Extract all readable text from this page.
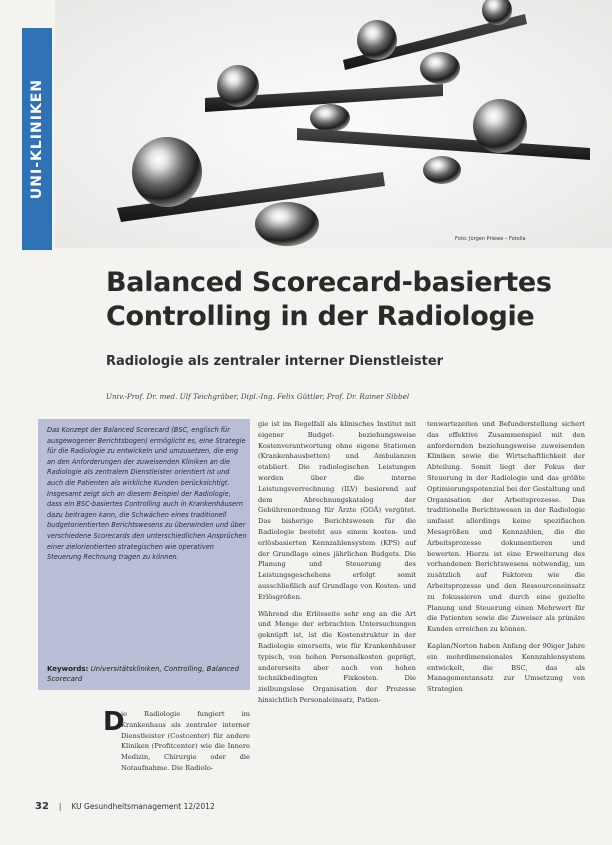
UNI-KLINIKEN
Foto: Jürgen Priewe – Fotolia
Balanced Scorecard-basiertes Controlling in der Radiologie
Radiologie als zentraler interner Dienstleister
Univ.-Prof. Dr. med. Ulf Teichgräber, Dipl.-Ing. Felix Güttler, Prof. Dr. Rainer Sibbel
Das Konzept der Balanced Scorecard (BSC, englisch für ausgewogener Berichtsbogen) ermöglicht es, eine Strategie für die Radiologie zu entwickeln und umzusetzen, die eng an den Anforderungen der zuweisenden Kliniken an die Radiologie als zentralem Dienstleister orientiert ist und auch die Patienten als wirkliche Kunden berücksichtigt. Insgesamt zeigt sich an diesem Beispiel der Radiologie, dass ein BSC-basiertes Controlling auch in Krankenhäusern dazu beitragen kann, die Schwächen eines traditionell budgetorientierten Berichtswesens zu überwinden und über verschiedene Scorecards den unterschiedlichen Ansprüchen einer zielorientierten strategischen wie operativen Steuerung Rechnung tragen zu können.
Keywords: Universitätskliniken, Controlling, Balanced Scorecard
D

ie Radiologie fungiert im Krankenhaus als zentraler interner Dienstleister (Costcenter) für andere Kliniken (Profitcenter) wie die Innere Medizin, Chirurgie oder die Notaufnahme. Die Radiolo-

gie ist im Regelfall als klinisches Institut mit eigener Budget- beziehungsweise Kostenverantwortung ohne eigene Stationen (Krankenhausbetten) und Ambulanzen etabliert. Die radiologischen Leistungen werden über die interne Leistungsverrechnung (ILV) basierend auf dem Abrechnungskatalog der Gebührenordnung für Ärzte (GOÄ) vergütet. Das bisherige Berichtswesen für die Radiologie besteht aus einem kosten- und erlösbasierten Kennzahlensystem (KPS) auf der Grundlage eines jährlichen Budgets. Die Planung und Steuerung des Leistungsgeschehens erfolgt somit ausschließlich auf Grundlage von Kosten- und Erlösgrößen.

Während die Erlösseite sehr eng an die Art und Menge der erbrachten Untersuchungen geknüpft ist, ist die Kostenstruktur in der Radiologie einerseits, wie für Krankenhäuser typisch, von hohen Personalkosten geprägt, andererseits aber auch von hohen technikbedingten Fixkosten. Die zielbungslose Organisation der Prozesse hinsichtlich Personaleinsatz, Patien-

tenwartezeiten und Befunderstellung sichert das effektive Zusammenspiel mit den anfordernden beziehungsweise zuweisenden Kliniken sowie die Wirtschaftlichkeit der Abteilung. Somit liegt der Fokus der Steuerung in der Radiologie und das größte Optimierungspotenzial bei der Gestaltung und Organisation der Arbeitsprozesse. Das traditionelle Berichtswesen in der Radiologie umfasst allerdings keine spezifischen Messgrößen und Kennzahlen, die die Arbeitsprozesse dokumentieren und bewerten. Hierzu ist eine Erweiterung des vorhandenen Berichtswesens notwendig, um zusätzlich auf Faktoren wie die Arbeitsprozesse und den Ressourceneinsatz zu fokussieren und durch eine gezielte Planung und Steuerung einen Mehrwert für die Patienten sowie die Zuweiser als primäre Kunden erreichen zu können.

Kaplan/Norton haben Anfang der 90iger Jahre ein mehrdimensionales Kennzahlensystem entwickelt, die BSC, das als Managementansatz zur Umsetzung von Strategien

32 | KU Gesundheitsmanagement 12/2012
